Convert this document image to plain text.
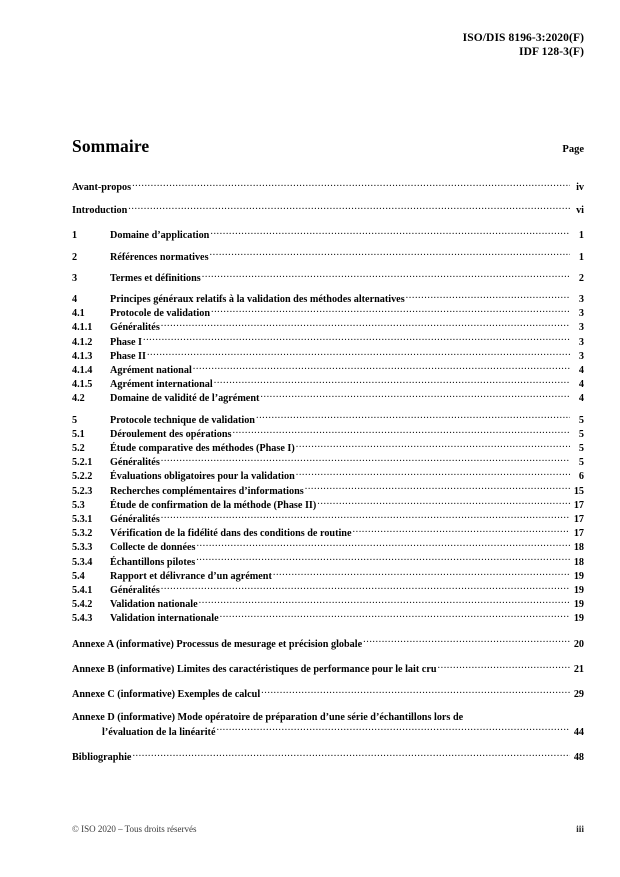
ISO/DIS 8196-3:2020(F)
IDF 128-3(F)
Sommaire	Page
Avant-propos .....	iv
Introduction .....	vi
1	Domaine d’application .....	1
2	Références normatives .....	1
3	Termes et définitions .....	2
4	Principes généraux relatifs à la validation des méthodes alternatives .....	3
4.1	Protocole de validation .....	3
4.1.1	Généralités .....	3
4.1.2	Phase I .....	3
4.1.3	Phase II .....	3
4.1.4	Agrément national .....	4
4.1.5	Agrément international .....	4
4.2	Domaine de validité de l’agrément .....	4
5	Protocole technique de validation .....	5
5.1	Déroulement des opérations .....	5
5.2	Étude comparative des méthodes (Phase I) .....	5
5.2.1	Généralités .....	5
5.2.2	Évaluations obligatoires pour la validation .....	6
5.2.3	Recherches complémentaires d’informations .....	15
5.3	Étude de confirmation de la méthode (Phase II) .....	17
5.3.1	Généralités .....	17
5.3.2	Vérification de la fidélité dans des conditions de routine .....	17
5.3.3	Collecte de données .....	18
5.3.4	Échantillons pilotes .....	18
5.4	Rapport et délivrance d’un agrément .....	19
5.4.1	Généralités .....	19
5.4.2	Validation nationale .....	19
5.4.3	Validation internationale .....	19
Annexe A (informative) Processus de mesurage et précision globale .....	20
Annexe B (informative) Limites des caractéristiques de performance pour le lait cru .....	21
Annexe C (informative) Exemples de calcul .....	29
Annexe D (informative) Mode opératoire de préparation d’une série d’échantillons lors de
l’évaluation de la linéarité .....	44
Bibliographie .....	48
© ISO 2020 – Tous droits réservés	iii
